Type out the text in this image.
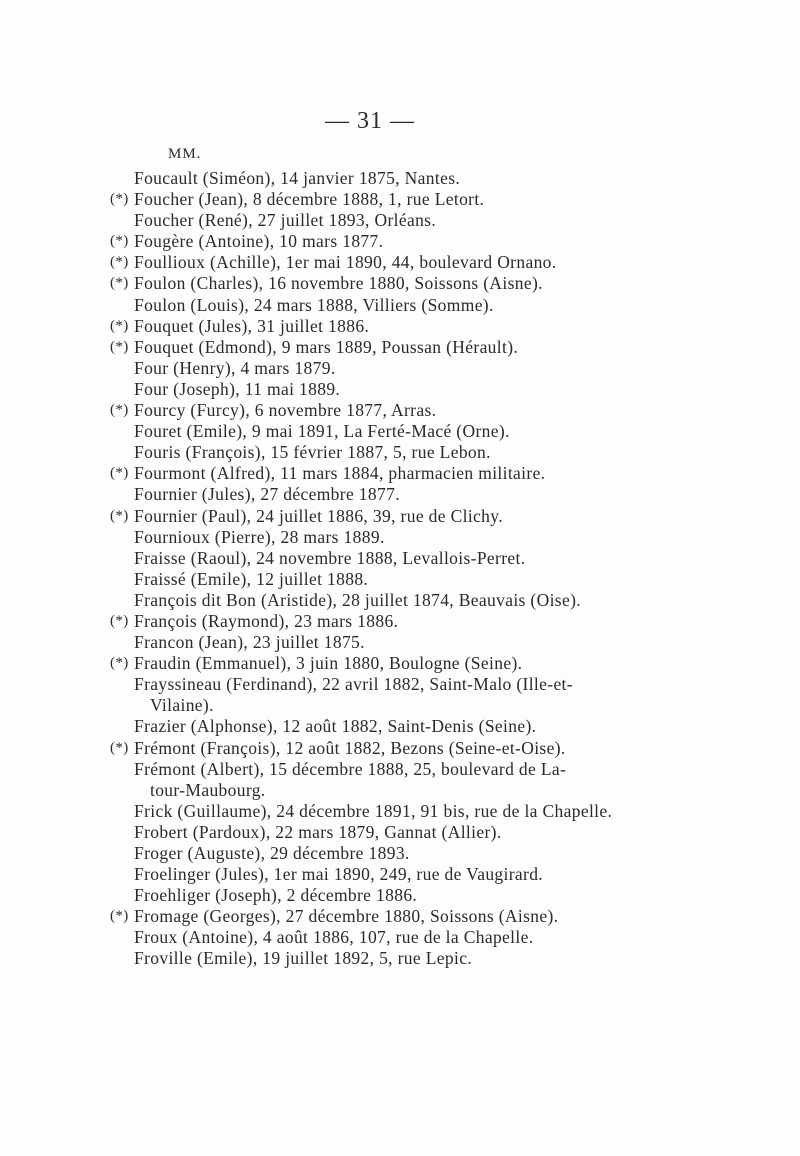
— 31 —
MM.
Foucault (Siméon), 14 janvier 1875, Nantes.
(*) Foucher (Jean), 8 décembre 1888, 1, rue Letort.
Foucher (René), 27 juillet 1893, Orléans.
(*) Fougère (Antoine), 10 mars 1877.
(*) Foullioux (Achille), 1er mai 1890, 44, boulevard Ornano.
(*) Foulon (Charles), 16 novembre 1880, Soissons (Aisne).
Foulon (Louis), 24 mars 1888, Villiers (Somme).
(*) Fouquet (Jules), 31 juillet 1886.
(*) Fouquet (Edmond), 9 mars 1889, Poussan (Hérault).
Four (Henry), 4 mars 1879.
Four (Joseph), 11 mai 1889.
(*) Fourcy (Furcy), 6 novembre 1877, Arras.
Fouret (Emile), 9 mai 1891, La Ferté-Macé (Orne).
Fouris (François), 15 février 1887, 5, rue Lebon.
(*) Fourmont (Alfred), 11 mars 1884, pharmacien militaire.
Fournier (Jules), 27 décembre 1877.
(*) Fournier (Paul), 24 juillet 1886, 39, rue de Clichy.
Fournioux (Pierre), 28 mars 1889.
Fraisse (Raoul), 24 novembre 1888, Levallois-Perret.
Fraissé (Emile), 12 juillet 1888.
François dit Bon (Aristide), 28 juillet 1874, Beauvais (Oise).
(*) François (Raymond), 23 mars 1886.
Francon (Jean), 23 juillet 1875.
(*) Fraudin (Emmanuel), 3 juin 1880, Boulogne (Seine).
Frayssineau (Ferdinand), 22 avril 1882, Saint-Malo (Ille-et-
Vilaine).
Frazier (Alphonse), 12 août 1882, Saint-Denis (Seine).
(*) Frémont (François), 12 août 1882, Bezons (Seine-et-Oise).
Frémont (Albert), 15 décembre 1888, 25, boulevard de La-
tour-Maubourg.
Frick (Guillaume), 24 décembre 1891, 91 bis, rue de la Chapelle.
Frobert (Pardoux), 22 mars 1879, Gannat (Allier).
Froger (Auguste), 29 décembre 1893.
Froelinger (Jules), 1er mai 1890, 249, rue de Vaugirard.
Froehliger (Joseph), 2 décembre 1886.
(*) Fromage (Georges), 27 décembre 1880, Soissons (Aisne).
Froux (Antoine), 4 août 1886, 107, rue de la Chapelle.
Froville (Emile), 19 juillet 1892, 5, rue Lepic.
